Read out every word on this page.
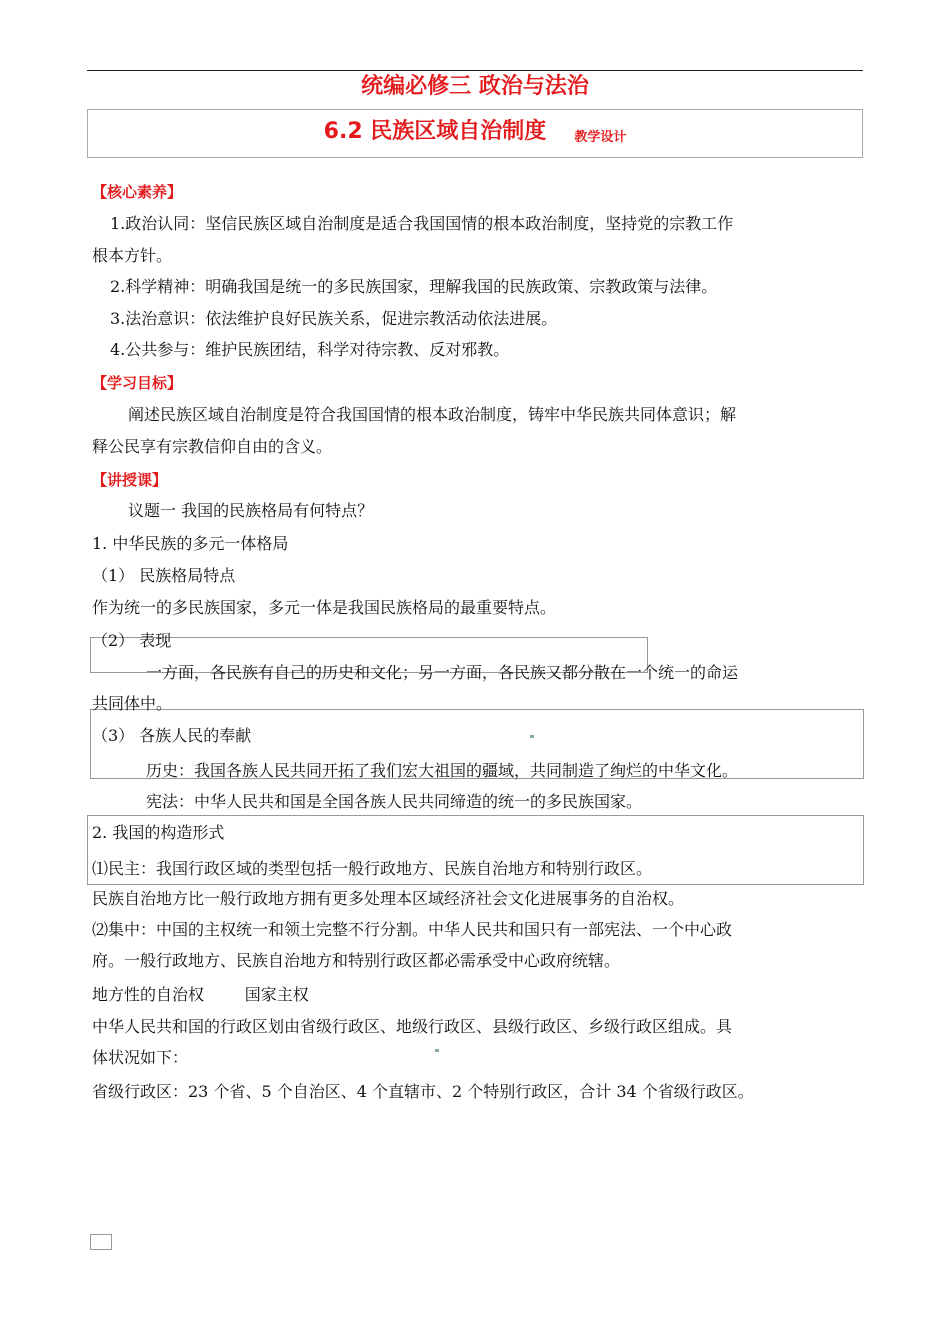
统编必修三 政治与法治
6.2 民族区域自治制度 教学设计
【核心素养】
1.政治认同：坚信民族区域自治制度是适合我国国情的根本政治制度，坚持党的宗教工作
根本方针。
2.科学精神：明确我国是统一的多民族国家，理解我国的民族政策、宗教政策与法律。
3.法治意识：依法维护良好民族关系，促进宗教活动依法进展。
4.公共参与：维护民族团结，科学对待宗教、反对邪教。
【学习目标】
阐述民族区域自治制度是符合我国国情的根本政治制度，铸牢中华民族共同体意识；解
释公民享有宗教信仰自由的含义。
【讲授课】
议题一 我国的民族格局有何特点？
1. 中华民族的多元一体格局
（1） 民族格局特点
作为统一的多民族国家，多元一体是我国民族格局的最重要特点。
（2） 表现
一方面，各民族有自己的历史和文化；另一方面，各民族又都分散在一个统一的命运
共同体中。
（3） 各族人民的奉献
历史：我国各族人民共同开拓了我们宏大祖国的疆域，共同制造了绚烂的中华文化。
宪法：中华人民共和国是全国各族人民共同缔造的统一的多民族国家。
2. 我国的构造形式
⑴民主：我国行政区域的类型包括一般行政地方、民族自治地方和特别行政区。
民族自治地方比一般行政地方拥有更多处理本区域经济社会文化进展事务的自治权。
⑵集中：中国的主权统一和领土完整不行分割。中华人民共和国只有一部宪法、一个中心政
府。一般行政地方、民族自治地方和特别行政区都必需承受中心政府统辖。
地方性的自治权        国家主权
中华人民共和国的行政区划由省级行政区、地级行政区、县级行政区、乡级行政区组成。具
体状况如下：
省级行政区：23 个省、5 个自治区、4 个直辖市、2 个特别行政区，合计 34 个省级行政区。
